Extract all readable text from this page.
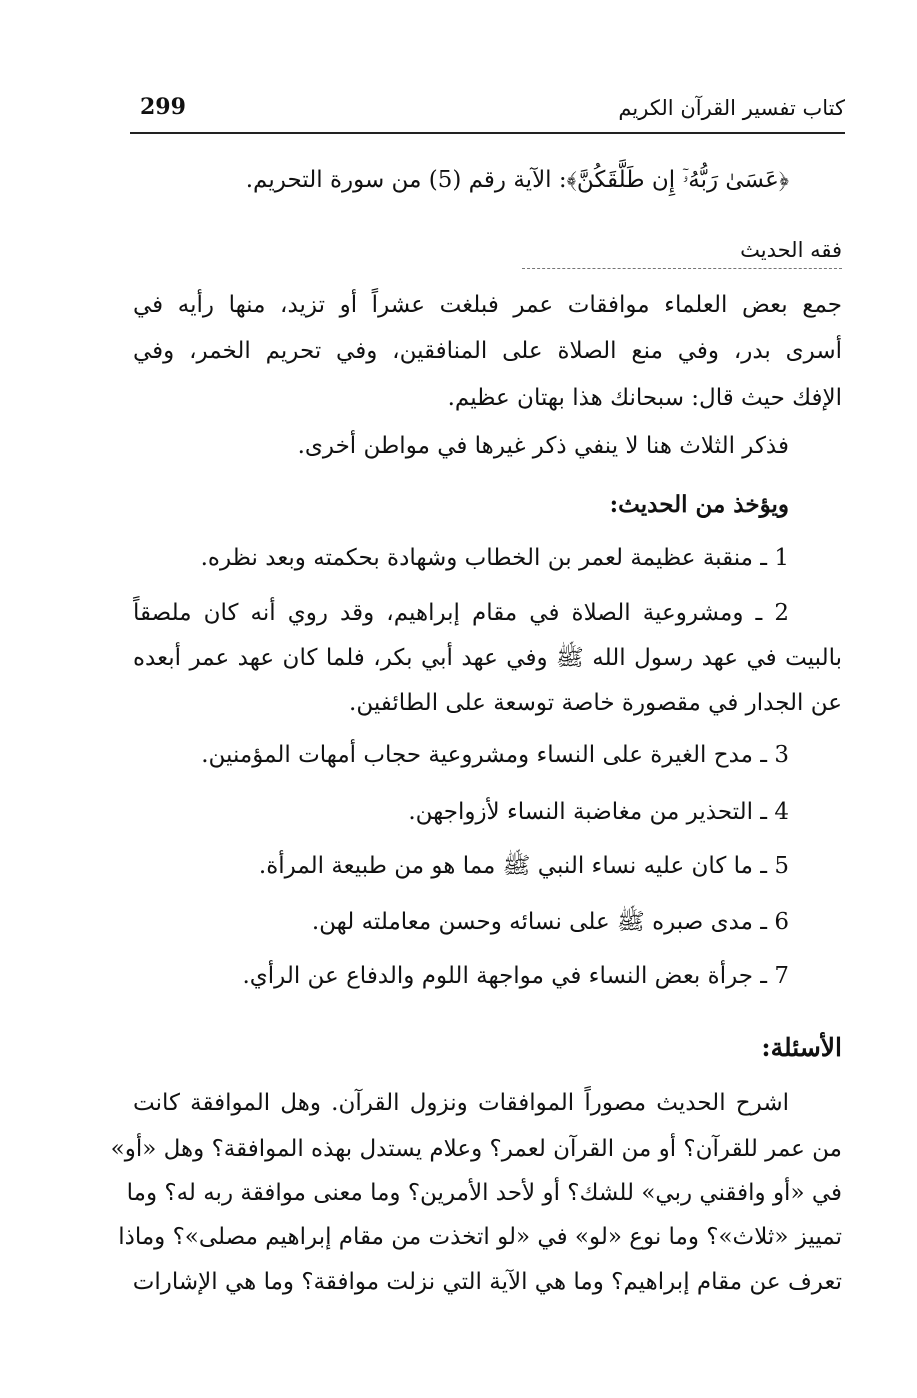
299	كتاب تفسير القرآن الكريم
﴿عَسَىٰ رَبُّهُۥٓ إِن طَلَّقَكُنَّ﴾: الآية رقم (5) من سورة التحريم.
فقه الحديث
جمع بعض العلماء موافقات عمر فبلغت عشراً أو تزيد، منها رأيه في
أسرى بدر، وفي منع الصلاة على المنافقين، وفي تحريم الخمر، وفي
الإفك حيث قال: سبحانك هذا بهتان عظيم.
فذكر الثلاث هنا لا ينفي ذكر غيرها في مواطن أخرى.
ويؤخذ من الحديث:
1 ـ منقبة عظيمة لعمر بن الخطاب وشهادة بحكمته وبعد نظره.
2 ـ ومشروعية الصلاة في مقام إبراهيم، وقد روي أنه كان ملصقاً
بالبيت في عهد رسول الله ﷺ وفي عهد أبي بكر، فلما كان عهد عمر أبعده
عن الجدار في مقصورة خاصة توسعة على الطائفين.
3 ـ مدح الغيرة على النساء ومشروعية حجاب أمهات المؤمنين.
4 ـ التحذير من مغاضبة النساء لأزواجهن.
5 ـ ما كان عليه نساء النبي ﷺ مما هو من طبيعة المرأة.
6 ـ مدى صبره ﷺ على نسائه وحسن معاملته لهن.
7 ـ جرأة بعض النساء في مواجهة اللوم والدفاع عن الرأي.
الأسئلة:
اشرح الحديث مصوراً الموافقات ونزول القرآن. وهل الموافقة كانت
من عمر للقرآن؟ أو من القرآن لعمر؟ وعلام يستدل بهذه الموافقة؟ وهل «أو»
في «أو وافقني ربي» للشك؟ أو لأحد الأمرين؟ وما معنى موافقة ربه له؟ وما
تمييز «ثلاث»؟ وما نوع «لو» في «لو اتخذت من مقام إبراهيم مصلى»؟ وماذا
تعرف عن مقام إبراهيم؟ وما هي الآية التي نزلت موافقة؟ وما هي الإشارات
